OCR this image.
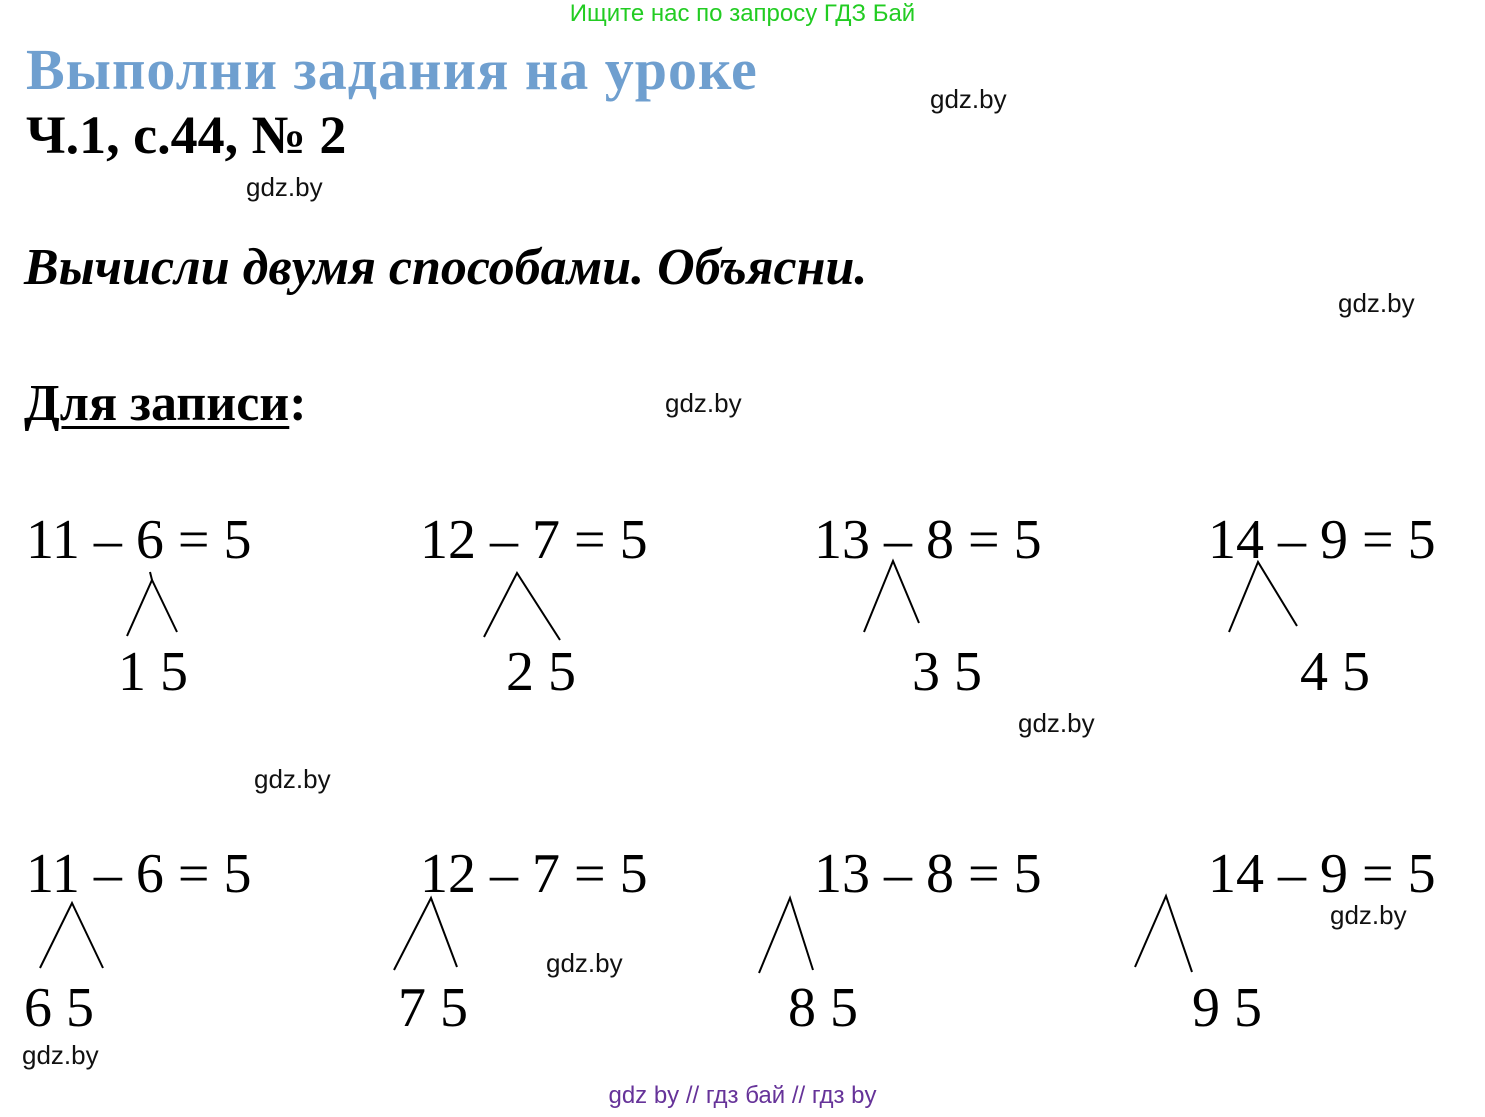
Ищите нас по запросу ГДЗ Бай
Выполни задания на уроке
Ч.1, с.44, № 2
Вычисли двумя способами. Объясни.
Для записи:
gdz.by
gdz.by
gdz.by
gdz.by
gdz.by
gdz.by
gdz.by
gdz.by
gdz.by
11 – 6 = 5	12 – 7 = 5	13 – 8 = 5	14 – 9 = 5
1 5	2 5	3 5	4 5
11 – 6 = 5	12 – 7 = 5	13 – 8 = 5	14 – 9 = 5
6 5	7 5	8 5	9 5
gdz by // гдз бай // гдз by
